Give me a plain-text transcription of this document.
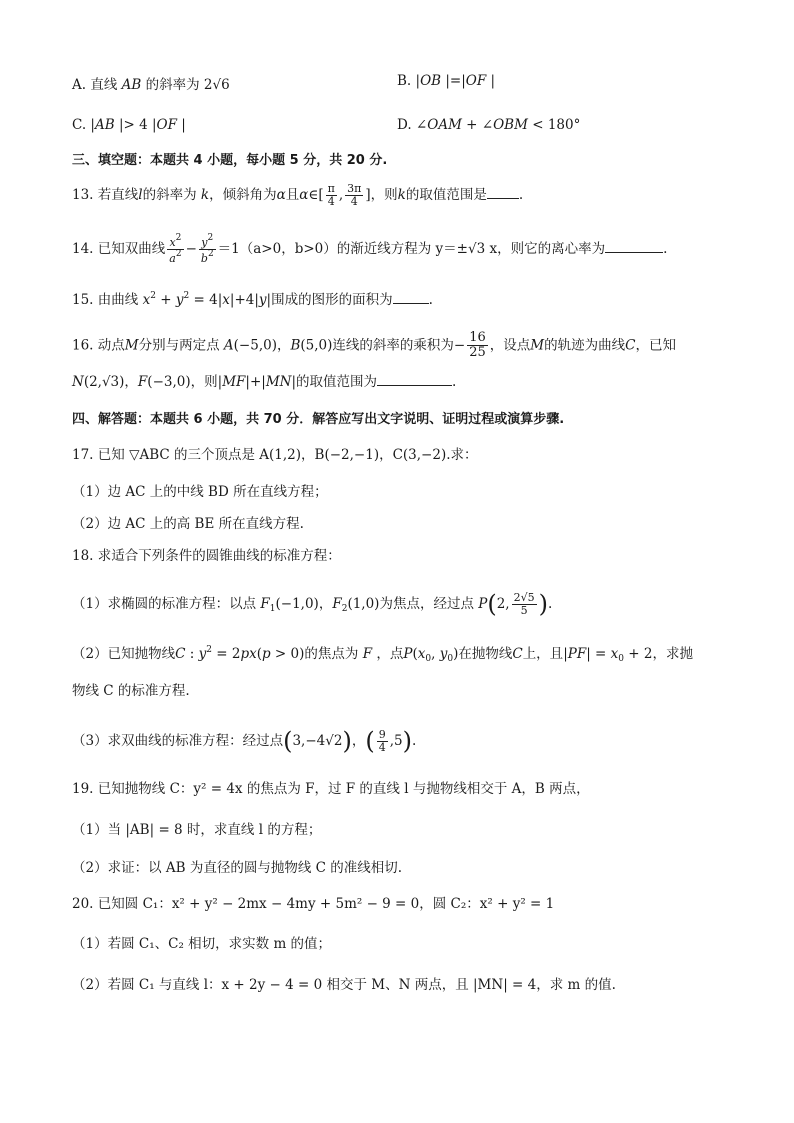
A. 直线 AB 的斜率为 2√6	B. |OB |=|OF |
C. |AB |> 4 |OF |	D. ∠OAM + ∠OBM < 180°
三、填空题：本题共 4 小题，每小题 5 分，共 20 分.
13. 若直线l的斜率为 k，倾斜角为α且α∈[ $\frac{\pi}{4}$ , $\frac{3\pi}{4}$ ]，则k的取值范围是 .
14. 已知双曲线 $\frac{x^2}{a^2} - \frac{y^2}{b^2} =1(a>0$，b>0）的渐近线方程为 y＝±√3 x，则它的离心率为	.
15. 由曲线 $x^2 + y^2 = 4|x|+4|y|$围成的图形的面积为	.
16. 动点M分别与两定点 A(−5,0)，B(5,0)连线的斜率的乘积为− $\frac{16}{25}$ ，设点M的轨迹为曲线C，已知
N(2,√3)，F(−3,0)，则|MF|+|MN|的取值范围为	.
四、解答题：本题共 6 小题，共 70 分．解答应写出文字说明、证明过程或演算步骤.
17. 已知 ▽ABC 的三个顶点是 A(1,2)，B(−2,−1)，C(3,−2).求：
（1）边 AC 上的中线 BD 所在直线方程；
（2）边 AC 上的高 BE 所在直线方程.
18. 求适合下列条件的圆锥曲线的标准方程：
（1）求椭圆的标准方程：以点 $F_1(-1,0)$，$F_2(1,0)$为焦点，经过点 P(2, $\frac{2√5}{5}$ ).
（2）已知抛物线C : $y^2 = 2px(p > 0)$的焦点为 F ，点$P(x_0$, $y_0$)在抛物线C上，且$|PF| = x_0 + 2$，求抛
物线 C 的标准方程.
（3）求双曲线的标准方程：经过点(3,−4√2)，( $\frac{9}{4} ,5$).
19. 已知抛物线 C：y² = 4x 的焦点为 F，过 F 的直线 l 与抛物线相交于 A，B 两点，
（1）当 |AB| = 8 时，求直线 l 的方程；
（2）求证：以 AB 为直径的圆与抛物线 C 的准线相切.
20. 已知圆 C₁：x² + y² − 2mx − 4my + 5m² − 9 = 0，圆 C₂：x² + y² = 1
（1）若圆 C₁、C₂ 相切，求实数 m 的值；
（2）若圆 C₁ 与直线 l：x + 2y − 4 = 0 相交于 M、N 两点，且 |MN| = 4，求 m 的值.
